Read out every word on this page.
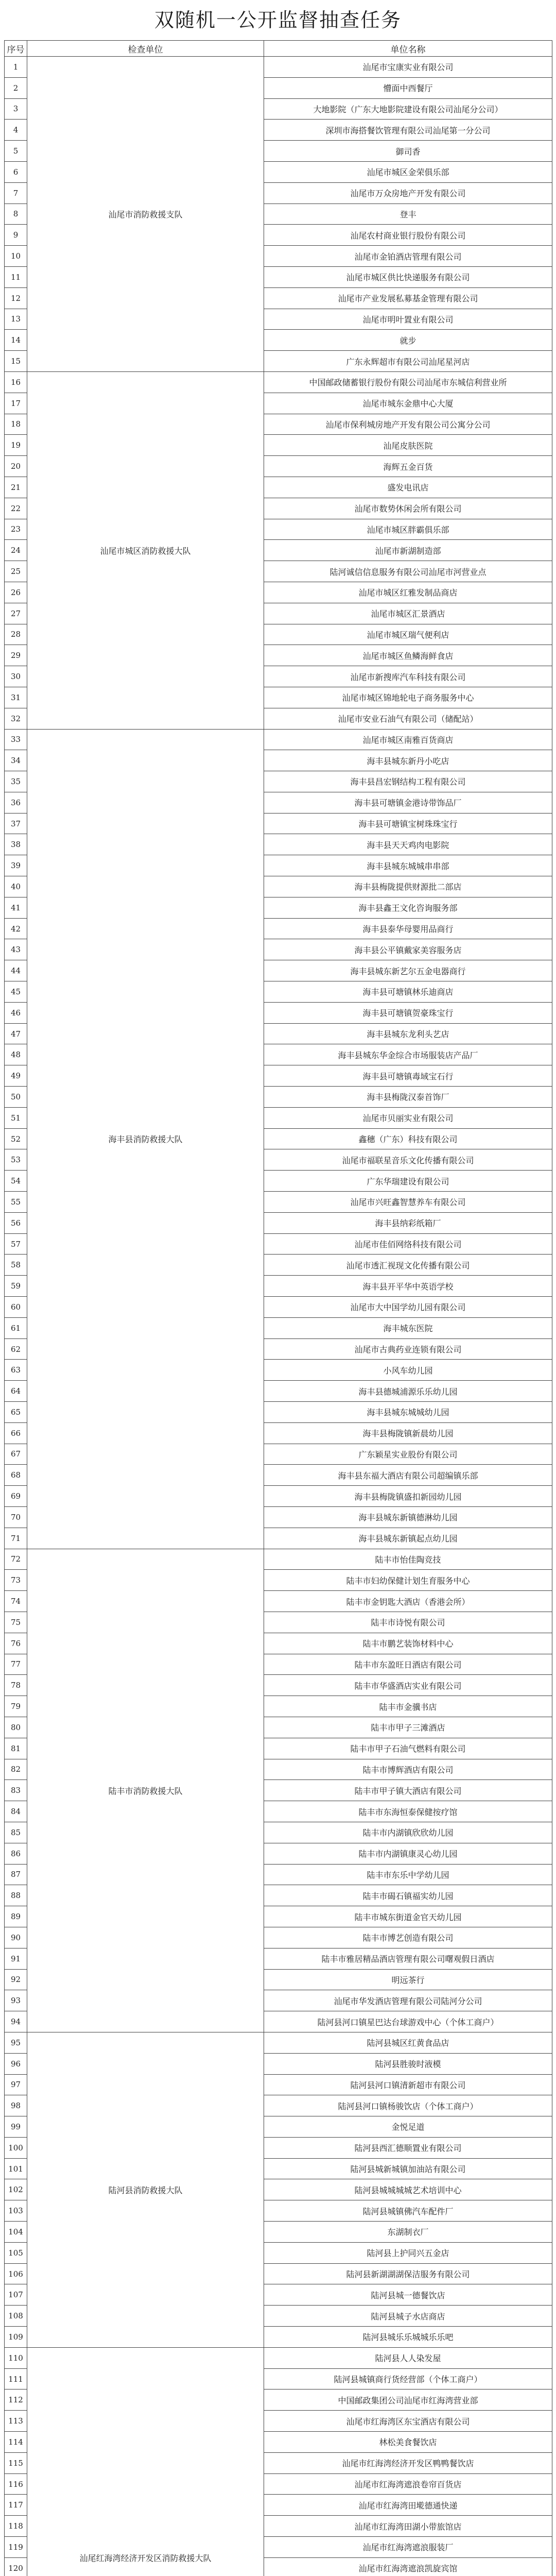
双随机一公开监督抽查任务
序号	检查单位	单位名称
1	汕尾市消防救援支队	汕尾市宝康实业有限公司
2		懵面中西餐厅
3		大地影院（广东大地影院建设有限公司汕尾分公司）
4		深圳市海搭餐饮管理有限公司汕尾第一分公司
5		御司香
6		汕尾市城区金荣俱乐部
7		汕尾市万众房地产开发有限公司
8		登丰
9		汕尾农村商业银行股份有限公司
10		汕尾市金铂酒店管理有限公司
11		汕尾市城区供比快递服务有限公司
12		汕尾市产业发展私募基金管理有限公司
13		汕尾市明叶置业有限公司
14		就步
15		广东永辉超市有限公司汕尾星河店
16	汕尾市城区消防救援大队	中国邮政储蓄银行股份有限公司汕尾市东城信利营业所
17		汕尾市城东金鼎中心大厦
18		汕尾市保利城房地产开发有限公司公寓分公司
19		汕尾皮肤医院
20		海辉五金百货
21		盛发电讯店
22		汕尾市数势休闲会所有限公司
23		汕尾市城区胖霸俱乐部
24		汕尾市新湖制造部
25		陆河诚信信息服务有限公司汕尾市河营业点
26		汕尾市城区红雅发制品商店
27		汕尾市城区汇景酒店
28		汕尾市城区瑞气便利店
29		汕尾市城区鱼鳞海鲜食店
30		汕尾市新搜库汽车科技有限公司
31		汕尾市城区锦地轮电子商务服务中心
32		汕尾市安业石油气有限公司（储配站）
33	海丰县消防救援大队	汕尾市城区南雅百货商店
34		海丰县城东新丹小吃店
35		海丰县昌宏钢结构工程有限公司
36		海丰县可塘镇金港诗带饰品厂
37		海丰县可塘镇宝树珠珠宝行
38		海丰县天天鸡肉电影院
39		海丰县城东城城串串部
40		海丰县梅陇提供财源批二部店
41		海丰县鑫王文化咨询服务部
42		海丰县泰华母婴用品商行
43		海丰县公平镇戴家美容服务店
44		海丰县城东新艺尔五金电器商行
45		海丰县可塘镇林乐迪商店
46		海丰县可塘镇贺豪珠宝行
47		海丰县城东龙利头艺店
48		海丰县城东华金综合市场服装店产品厂
49		海丰县可塘镇毒域宝石行
50		海丰县梅陇汉泰首饰厂
51		汕尾市贝丽实业有限公司
52		鑫穗（广东）科技有限公司
53		汕尾市福联星音乐文化传播有限公司
54		广东华瑞建设有限公司
55		汕尾市兴旺鑫智慧养车有限公司
56		海丰县纳彩纸箱厂
57		汕尾市佳佰网络科技有限公司
58		汕尾市透汇视现文化传播有限公司
59		海丰县开平华中英语学校
60		汕尾市大中国学幼儿园有限公司
61		海丰城东医院
62		汕尾市古典药业连锁有限公司
63		小风车幼儿园
64		海丰县德城浦源乐乐幼儿园
65		海丰县城东城城幼儿园
66		海丰县梅陇镇新晨幼儿园
67		广东颖星实业股份有限公司
68		海丰县东福大酒店有限公司超编镇乐部
69		海丰县梅陇镇盛扣新园幼儿园
70		海丰县城东新镇德淋幼儿园
71		海丰县城东新镇起点幼儿园
72	陆丰市消防救援大队	陆丰市怡佳陶竞技
73		陆丰市妇幼保健计划生育服务中心
74		陆丰市金钥匙大酒店（香港会所）
75		陆丰市诗悦有限公司
76		陆丰市鹏艺装饰材料中心
77		陆丰市东盈旺日酒店有限公司
78		陆丰市华盛酒店实业有限公司
79		陆丰市金骥书店
80		陆丰市甲子三滩酒店
81		陆丰市甲子石油气燃料有限公司
82		陆丰市博辉酒店有限公司
83		陆丰市甲子镇大酒店有限公司
84		陆丰市东海恒泰保健按疗馆
85		陆丰市内湖镇欣欣幼儿园
86		陆丰市内湖镇康灵心幼儿园
87		陆丰市东乐中学幼儿园
88		陆丰市碣石镇福实幼儿园
89		陆丰市城东街道金官天幼儿园
90		陆丰市博艺创造有限公司
91		陆丰市雅居精品酒店管理有限公司曙观假日酒店
92		明远茶行
93		汕尾市华发酒店管理有限公司陆河分公司
94		陆河县河口镇星巴达台球游戏中心（个体工商户）
95	陆河县消防救援大队	陆河县城区红黄食品店
96		陆河县胜骏时液模
97		陆河县河口镇清新超市有限公司
98		陆河县河口镇杨骏饮店（个体工商户）
99		金悦足道
100		陆河县西汇德顺置业有限公司
101		陆河县城新城镇加油站有限公司
102		陆河县城城城城艺术培训中心
103		陆河县城镇佛汽车配件厂
104		东湖制衣厂
105		陆河县上护同兴五金店
106		陆河县新湖湖湖保洁服务有限公司
107		陆河县城一德餐饮店
108		陆河县城子水店商店
109		陆河县城乐乐城城乐乐吧
110	汕尾红海湾经济开发区消防救援大队	陆河县人人染发屋
111		陆河县城镇商行货经营部（个体工商户）
112		中国邮政集团公司汕尾市红海湾营业部
113		汕尾市红海湾区东宝酒店有限公司
114		林松美食餐饮店
115		汕尾市红海湾经济开发区鸭鸭餐饮店
116		汕尾市红海湾遮浪卷帘百货店
117		汕尾市红海湾田墘德通快递
118		汕尾市红海湾田湖小带旅馆店
119		汕尾市红海湾遮浪服装厂
120		汕尾市红海湾遮浪凯旋宾馆
